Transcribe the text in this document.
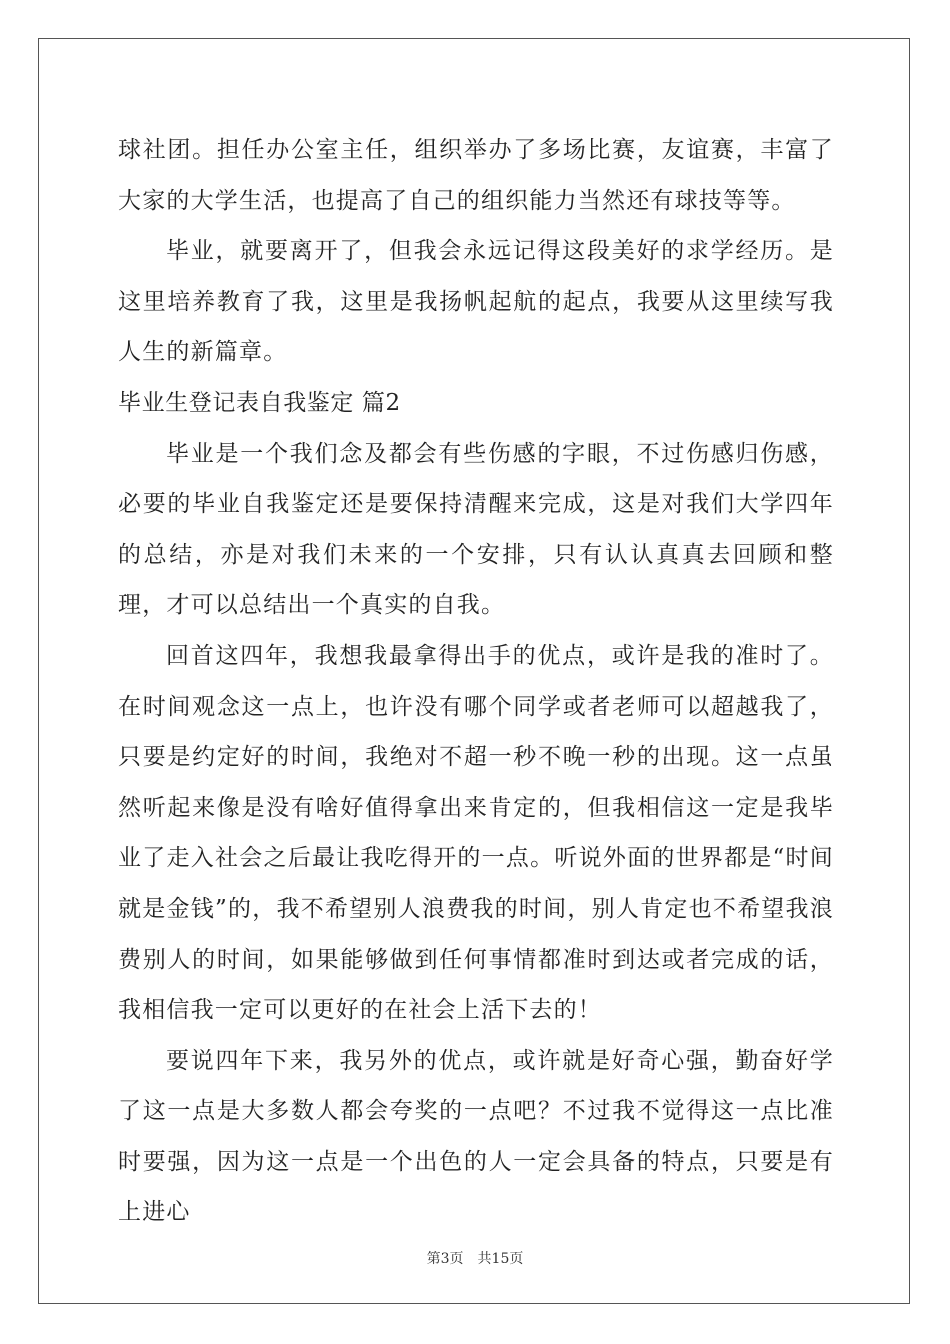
球社团。担任办公室主任，组织举办了多场比赛，友谊赛，丰富了大家的大学生活，也提高了自己的组织能力当然还有球技等等。

毕业，就要离开了，但我会永远记得这段美好的求学经历。是这里培养教育了我，这里是我扬帆起航的起点，我要从这里续写我人生的新篇章。

毕业生登记表自我鉴定 篇2

毕业是一个我们念及都会有些伤感的字眼，不过伤感归伤感，必要的毕业自我鉴定还是要保持清醒来完成，这是对我们大学四年的总结，亦是对我们未来的一个安排，只有认认真真去回顾和整理，才可以总结出一个真实的自我。

回首这四年，我想我最拿得出手的优点，或许是我的准时了。在时间观念这一点上，也许没有哪个同学或者老师可以超越我了，只要是约定好的时间，我绝对不超一秒不晚一秒的出现。这一点虽然听起来像是没有啥好值得拿出来肯定的，但我相信这一定是我毕业了走入社会之后最让我吃得开的一点。听说外面的世界都是“时间就是金钱”的，我不希望别人浪费我的时间，别人肯定也不希望我浪费别人的时间，如果能够做到任何事情都准时到达或者完成的话，我相信我一定可以更好的在社会上活下去的！

要说四年下来，我另外的优点，或许就是好奇心强，勤奋好学了这一点是大多数人都会夸奖的一点吧？不过我不觉得这一点比准时要强，因为这一点是一个出色的人一定会具备的特点，只要是有上进心

第3页 共15页
